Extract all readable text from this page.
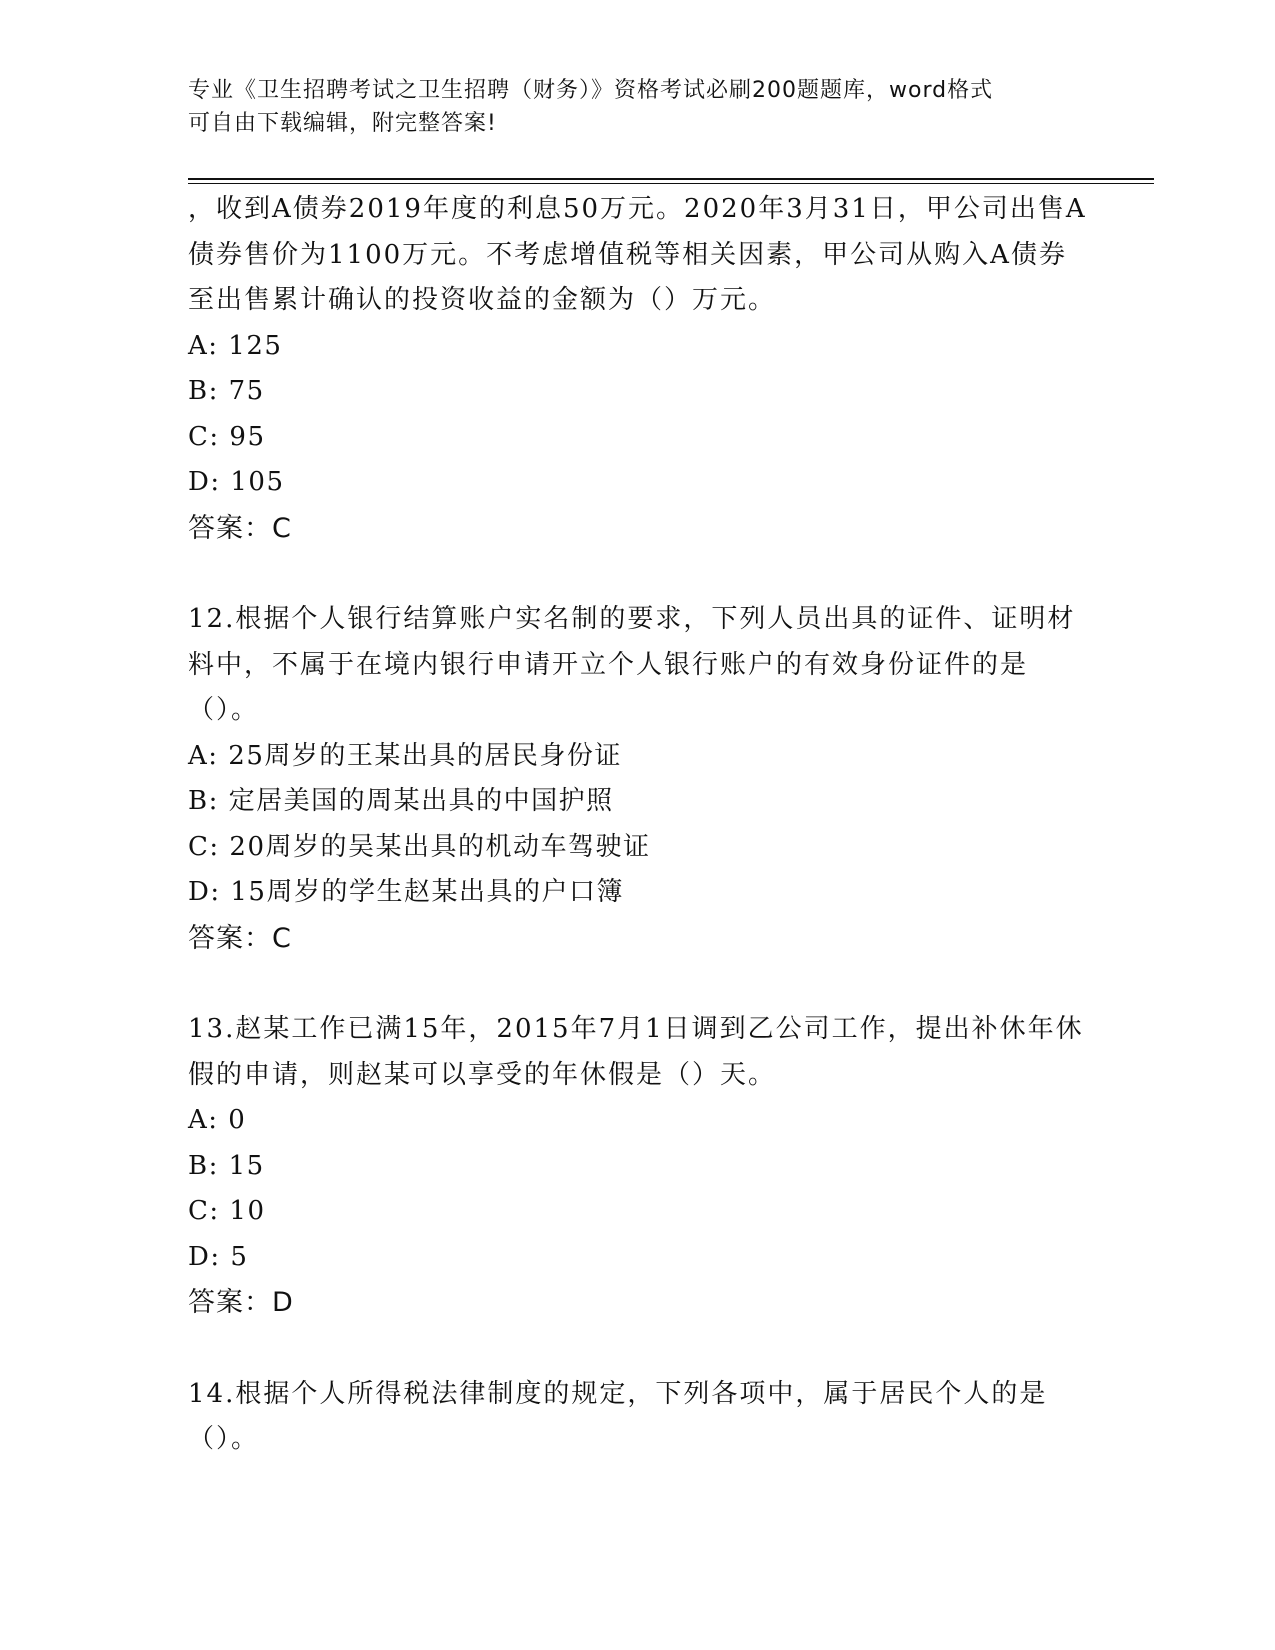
专业《卫生招聘考试之卫生招聘（财务）》资格考试必刷200题题库，word格式
可自由下载编辑，附完整答案!

，收到A债券2019年度的利息50万元。2020年3月31日，甲公司出售A债券售价为1100万元。不考虑增值税等相关因素，甲公司从购入A债券至出售累计确认的投资收益的金额为（）万元。

A: 125
B: 75
C: 95
D: 105
答案：C

12.根据个人银行结算账户实名制的要求，下列人员出具的证件、证明材料中，不属于在境内银行申请开立个人银行账户的有效身份证件的是（）。

A: 25周岁的王某出具的居民身份证
B: 定居美国的周某出具的中国护照
C: 20周岁的吴某出具的机动车驾驶证
D: 15周岁的学生赵某出具的户口簿
答案：C

13.赵某工作已满15年，2015年7月1日调到乙公司工作，提出补休年休假的申请，则赵某可以享受的年休假是（）天。

A: 0
B: 15
C: 10
D: 5
答案：D

14.根据个人所得税法律制度的规定，下列各项中，属于居民个人的是（）。
